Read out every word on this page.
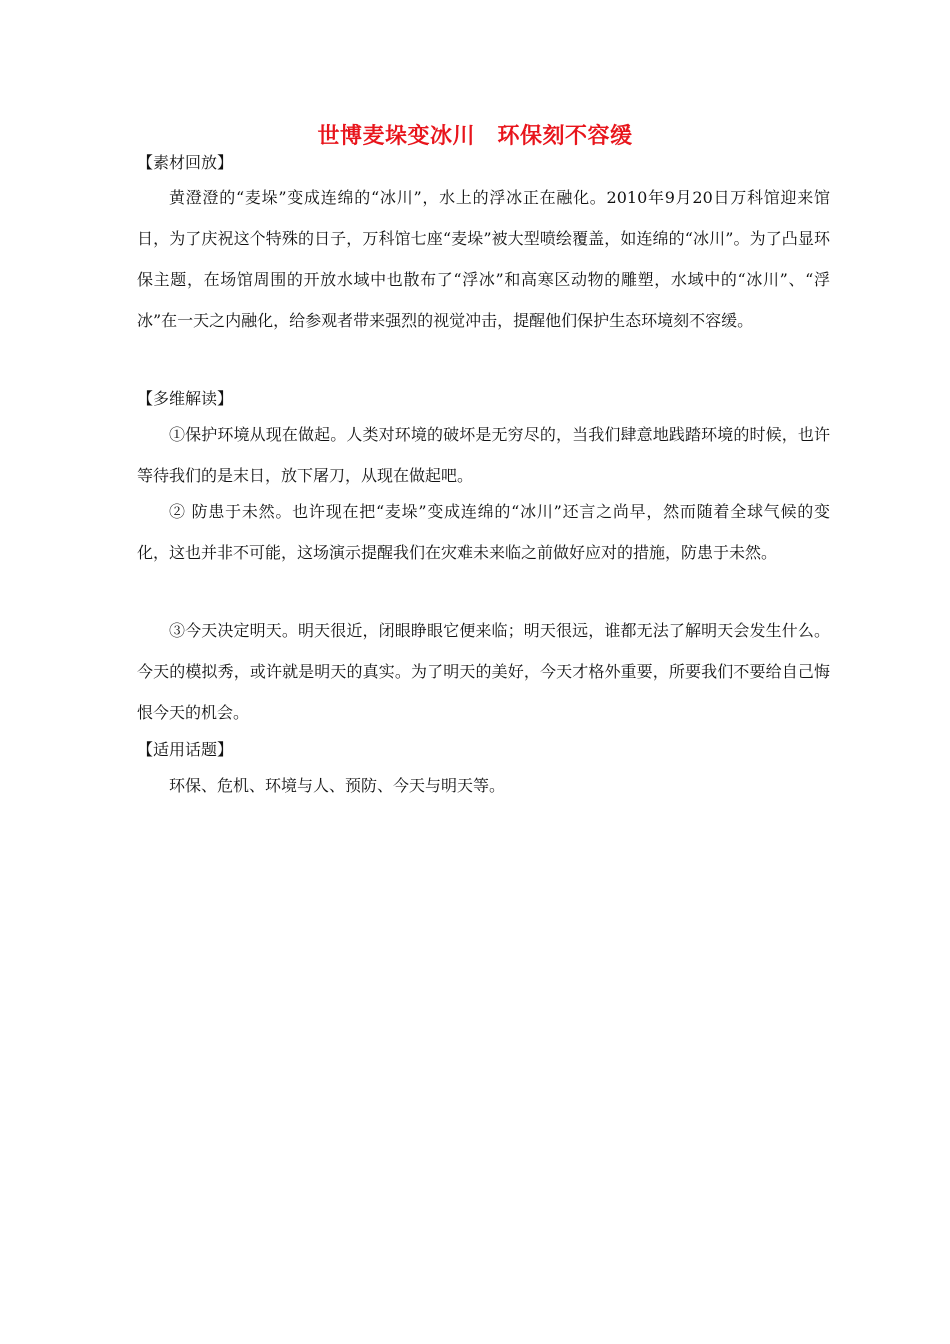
世博麦垛变冰川　环保刻不容缓
【素材回放】

黄澄澄的“麦垛”变成连绵的“冰川”，水上的浮冰正在融化。2010年9月20日万科馆迎来馆日，为了庆祝这个特殊的日子，万科馆七座“麦垛”被大型喷绘覆盖，如连绵的“冰川”。为了凸显环保主题，在场馆周围的开放水域中也散布了“浮冰”和高寒区动物的雕塑，水域中的“冰川”、“浮冰”在一天之内融化，给参观者带来强烈的视觉冲击，提醒他们保护生态环境刻不容缓。

【多维解读】

①保护环境从现在做起。人类对环境的破坏是无穷尽的，当我们肆意地践踏环境的时候，也许等待我们的是末日，放下屠刀，从现在做起吧。

② 防患于未然。也许现在把“麦垛”变成连绵的“冰川”还言之尚早，然而随着全球气候的变化，这也并非不可能，这场演示提醒我们在灾难未来临之前做好应对的措施，防患于未然。

③今天决定明天。明天很近，闭眼睁眼它便来临；明天很远，谁都无法了解明天会发生什么。今天的模拟秀，或许就是明天的真实。为了明天的美好，今天才格外重要，所要我们不要给自己悔恨今天的机会。

【适用话题】

环保、危机、环境与人、预防、今天与明天等。
